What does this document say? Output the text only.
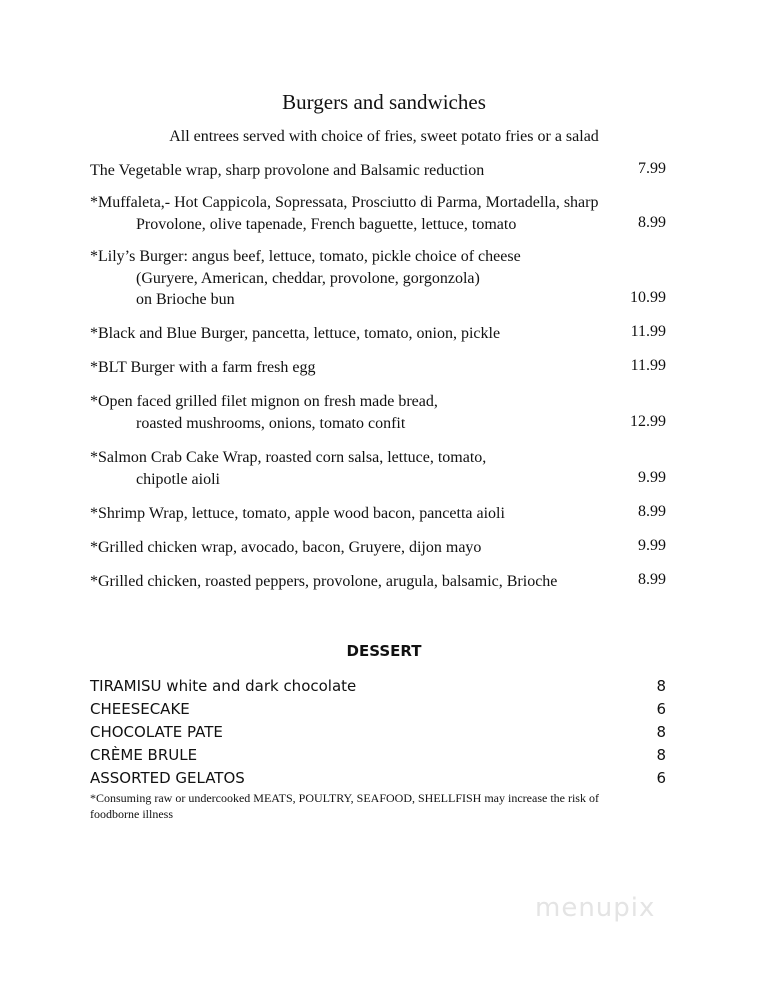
Burgers and sandwiches
All entrees served with choice of fries, sweet potato fries or a salad
The Vegetable wrap, sharp provolone and Balsamic reduction	7.99
*Muffaleta,- Hot Cappicola, Sopressata, Prosciutto di Parma, Mortadella, sharp
Provolone, olive tapenade, French baguette, lettuce, tomato	8.99
*Lily’s Burger: angus beef, lettuce, tomato, pickle choice of cheese
(Guryere, American, cheddar, provolone, gorgonzola)
on Brioche bun	10.99
*Black and Blue Burger, pancetta, lettuce, tomato, onion, pickle	11.99
*BLT Burger with a farm fresh egg	11.99
*Open faced grilled filet mignon on fresh made bread,
roasted mushrooms, onions, tomato confit	12.99
*Salmon Crab Cake Wrap, roasted corn salsa, lettuce, tomato,
chipotle aioli	9.99
*Shrimp Wrap, lettuce, tomato, apple wood bacon, pancetta aioli	8.99
*Grilled chicken wrap, avocado, bacon, Gruyere, dijon mayo	9.99
*Grilled chicken, roasted peppers, provolone, arugula, balsamic, Brioche	8.99
DESSERT
TIRAMISU white and dark chocolate	8
CHEESECAKE	6
CHOCOLATE PATE	8
CRÈME BRULE	8
ASSORTED GELATOS	6
*Consuming raw or undercooked MEATS, POULTRY, SEAFOOD, SHELLFISH may increase the risk of foodborne illness
menupix
